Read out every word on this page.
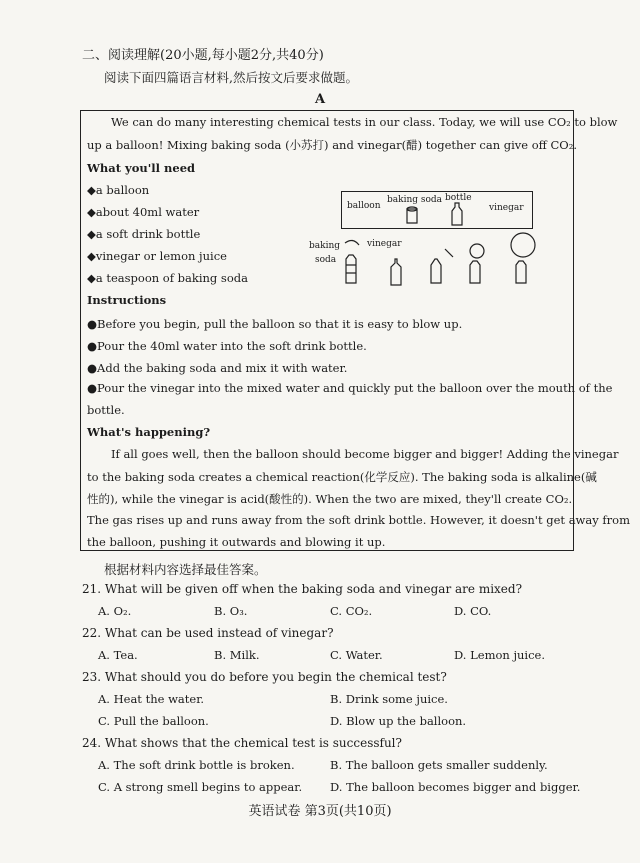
二、阅读理解(20小题,每小题2分,共40分)
阅读下面四篇语言材料,然后按文后要求做题。
A
We can do many interesting chemical tests in our class. Today, we will use CO₂ to blow
up a balloon! Mixing baking soda (小苏打) and vinegar(醋) together can give off CO₂.
What you'll need
◆a balloon
◆about 40ml water
◆a soft drink bottle
◆vinegar or lemon juice
◆a teaspoon of baking soda
balloon
baking soda bottle
vinegar
baking
soda
vinegar
Instructions
●Before you begin, pull the balloon so that it is easy to blow up.
●Pour the 40ml water into the soft drink bottle.
●Add the baking soda and mix it with water.
●Pour the vinegar into the mixed water and quickly put the balloon over the mouth of the
bottle.
What's happening?
If all goes well, then the balloon should become bigger and bigger! Adding the vinegar
to the baking soda creates a chemical reaction(化学反应). The baking soda is alkaline(碱
性的), while the vinegar is acid(酸性的). When the two are mixed, they'll create CO₂.
The gas rises up and runs away from the soft drink bottle. However, it doesn't get away from
the balloon, pushing it outwards and blowing it up.
根据材料内容选择最佳答案。
21. What will be given off when the baking soda and vinegar are mixed?
A. O₂.	B. O₃.	C. CO₂.	D. CO.
22. What can be used instead of vinegar?
A. Tea.	B. Milk.	C. Water.	D. Lemon juice.
23. What should you do before you begin the chemical test?
A. Heat the water.	B. Drink some juice.
C. Pull the balloon.	D. Blow up the balloon.
24. What shows that the chemical test is successful?
A. The soft drink bottle is broken.	B. The balloon gets smaller suddenly.
C. A strong smell begins to appear. D. The balloon becomes bigger and bigger.
英语试卷 第3页(共10页)
